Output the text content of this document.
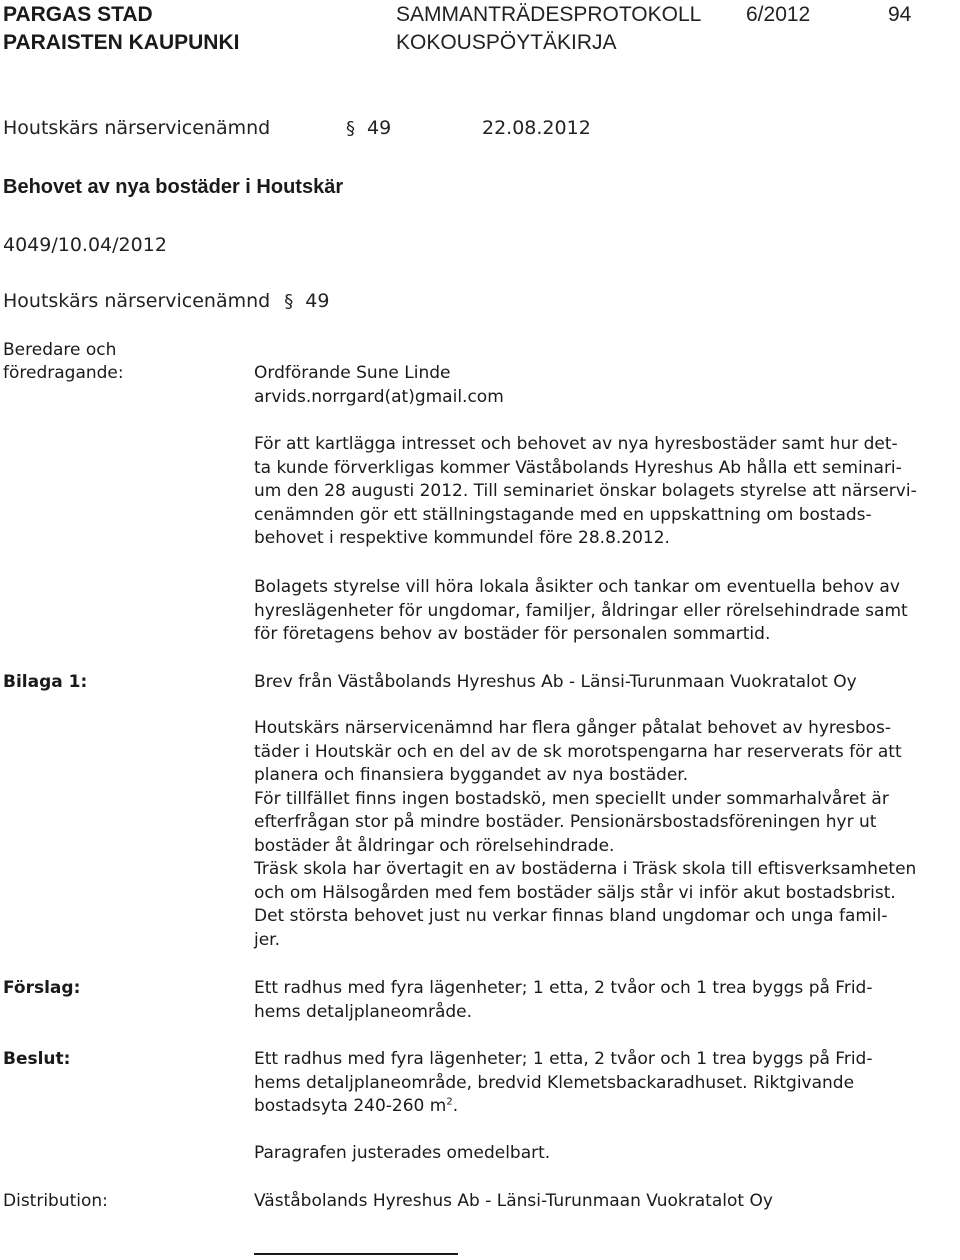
PARGAS STAD
PARAISTEN KAUPUNKI
SAMMANTRÄDESPROTOKOLL
KOKOUSPÖYTÄKIRJA
6/2012	94
Houtskärs närservicenämnd	§ 49	22.08.2012
Behovet av nya bostäder i Houtskär
4049/10.04/2012
Houtskärs närservicenämnd § 49
Beredare och
föredragande:	Ordförande Sune Linde
arvids.norrgard(at)gmail.com
För att kartlägga intresset och behovet av nya hyresbostäder samt hur det-
ta kunde förverkligas kommer Väståbolands Hyreshus Ab hålla ett seminari-
um den 28 augusti 2012. Till seminariet önskar bolagets styrelse att närservi-
cenämnden gör ett ställningstagande med en uppskattning om bostads-
behovet i respektive kommundel före 28.8.2012.
Bolagets styrelse vill höra lokala åsikter och tankar om eventuella behov av
hyreslägenheter för ungdomar, familjer, åldringar eller rörelsehindrade samt
för företagens behov av bostäder för personalen sommartid.
Bilaga 1:	Brev från Väståbolands Hyreshus Ab - Länsi-Turunmaan Vuokratalot Oy
Houtskärs närservicenämnd har flera gånger påtalat behovet av hyresbos-
täder i Houtskär och en del av de sk morotspengarna har reserverats för att
planera och finansiera byggandet av nya bostäder.
För tillfället finns ingen bostadskö, men speciellt under sommarhalvåret är
efterfrågan stor på mindre bostäder. Pensionärsbostadsföreningen hyr ut
bostäder åt åldringar och rörelsehindrade.
Träsk skola har övertagit en av bostäderna i Träsk skola till eftisverksamheten
och om Hälsogården med fem bostäder säljs står vi inför akut bostadsbrist.
Det största behovet just nu verkar finnas bland ungdomar och unga famil-
jer.
Förslag:	Ett radhus med fyra lägenheter; 1 etta, 2 tvåor och 1 trea byggs på Frid-
hems detaljplaneområde.
Beslut:	Ett radhus med fyra lägenheter; 1 etta, 2 tvåor och 1 trea byggs på Frid-
hems detaljplaneområde, bredvid Klemetsbackaradhuset. Riktgivande
bostadsyta 240-260 $m^2$.
Paragrafen justerades omedelbart.
Distribution:	Väståbolands Hyreshus Ab - Länsi-Turunmaan Vuokratalot Oy
